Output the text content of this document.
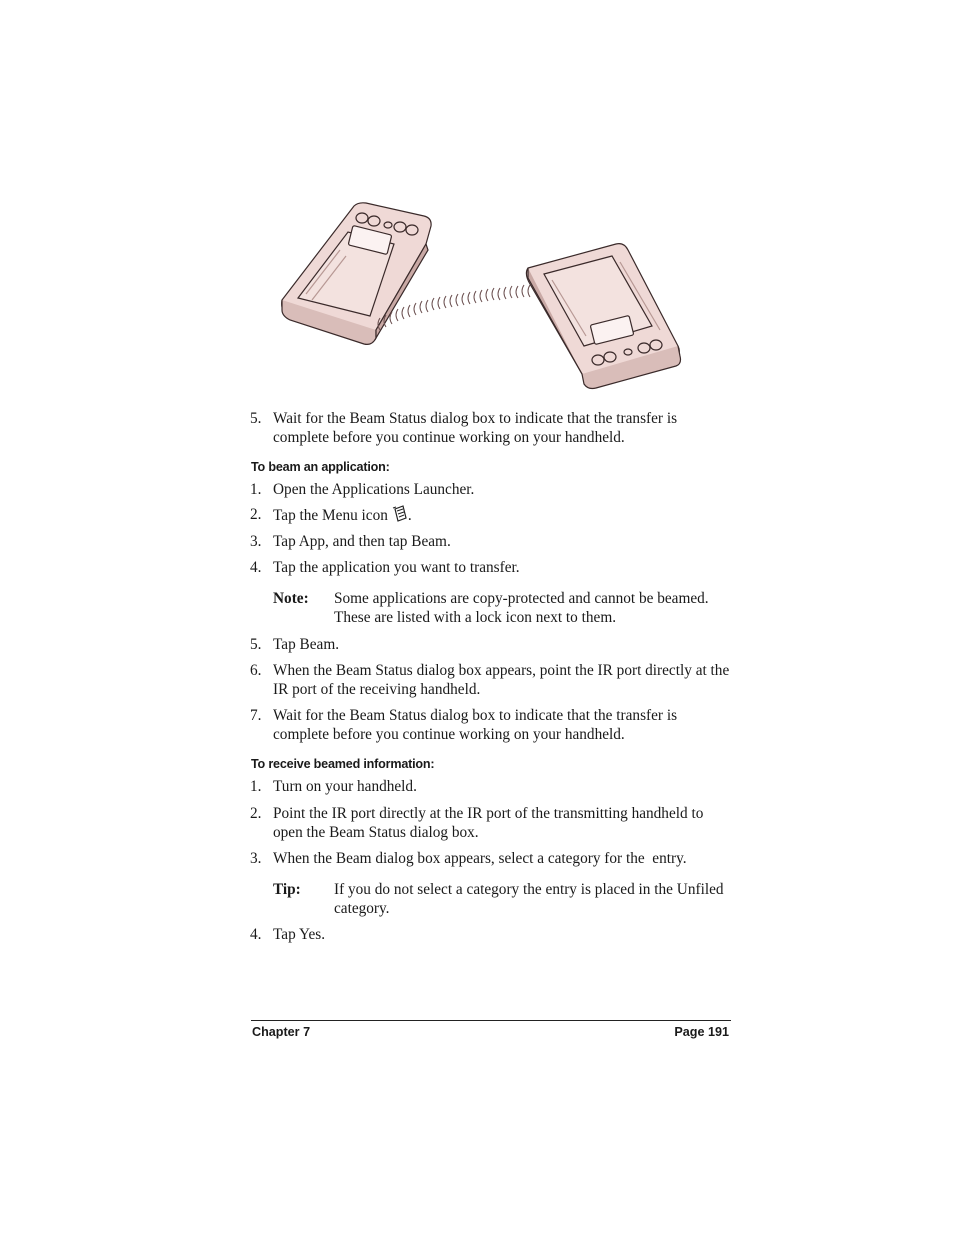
5. Wait for the Beam Status dialog box to indicate that the transfer is complete before you continue working on your handheld.
To beam an application:
1. Open the Applications Launcher.
2. Tap the Menu icon .
3. Tap App, and then tap Beam.
4. Tap the application you want to transfer.
Note: Some applications are copy-protected and cannot be beamed. These are listed with a lock icon next to them.
5. Tap Beam.
6. When the Beam Status dialog box appears, point the IR port directly at the IR port of the receiving handheld.
7. Wait for the Beam Status dialog box to indicate that the transfer is complete before you continue working on your handheld.
To receive beamed information:
1. Turn on your handheld.
2. Point the IR port directly at the IR port of the transmitting handheld to open the Beam Status dialog box.
3. When the Beam dialog box appears, select a category for the  entry.
Tip: If you do not select a category the entry is placed in the Unfiled category.
4. Tap Yes.
Chapter 7	Page 191
